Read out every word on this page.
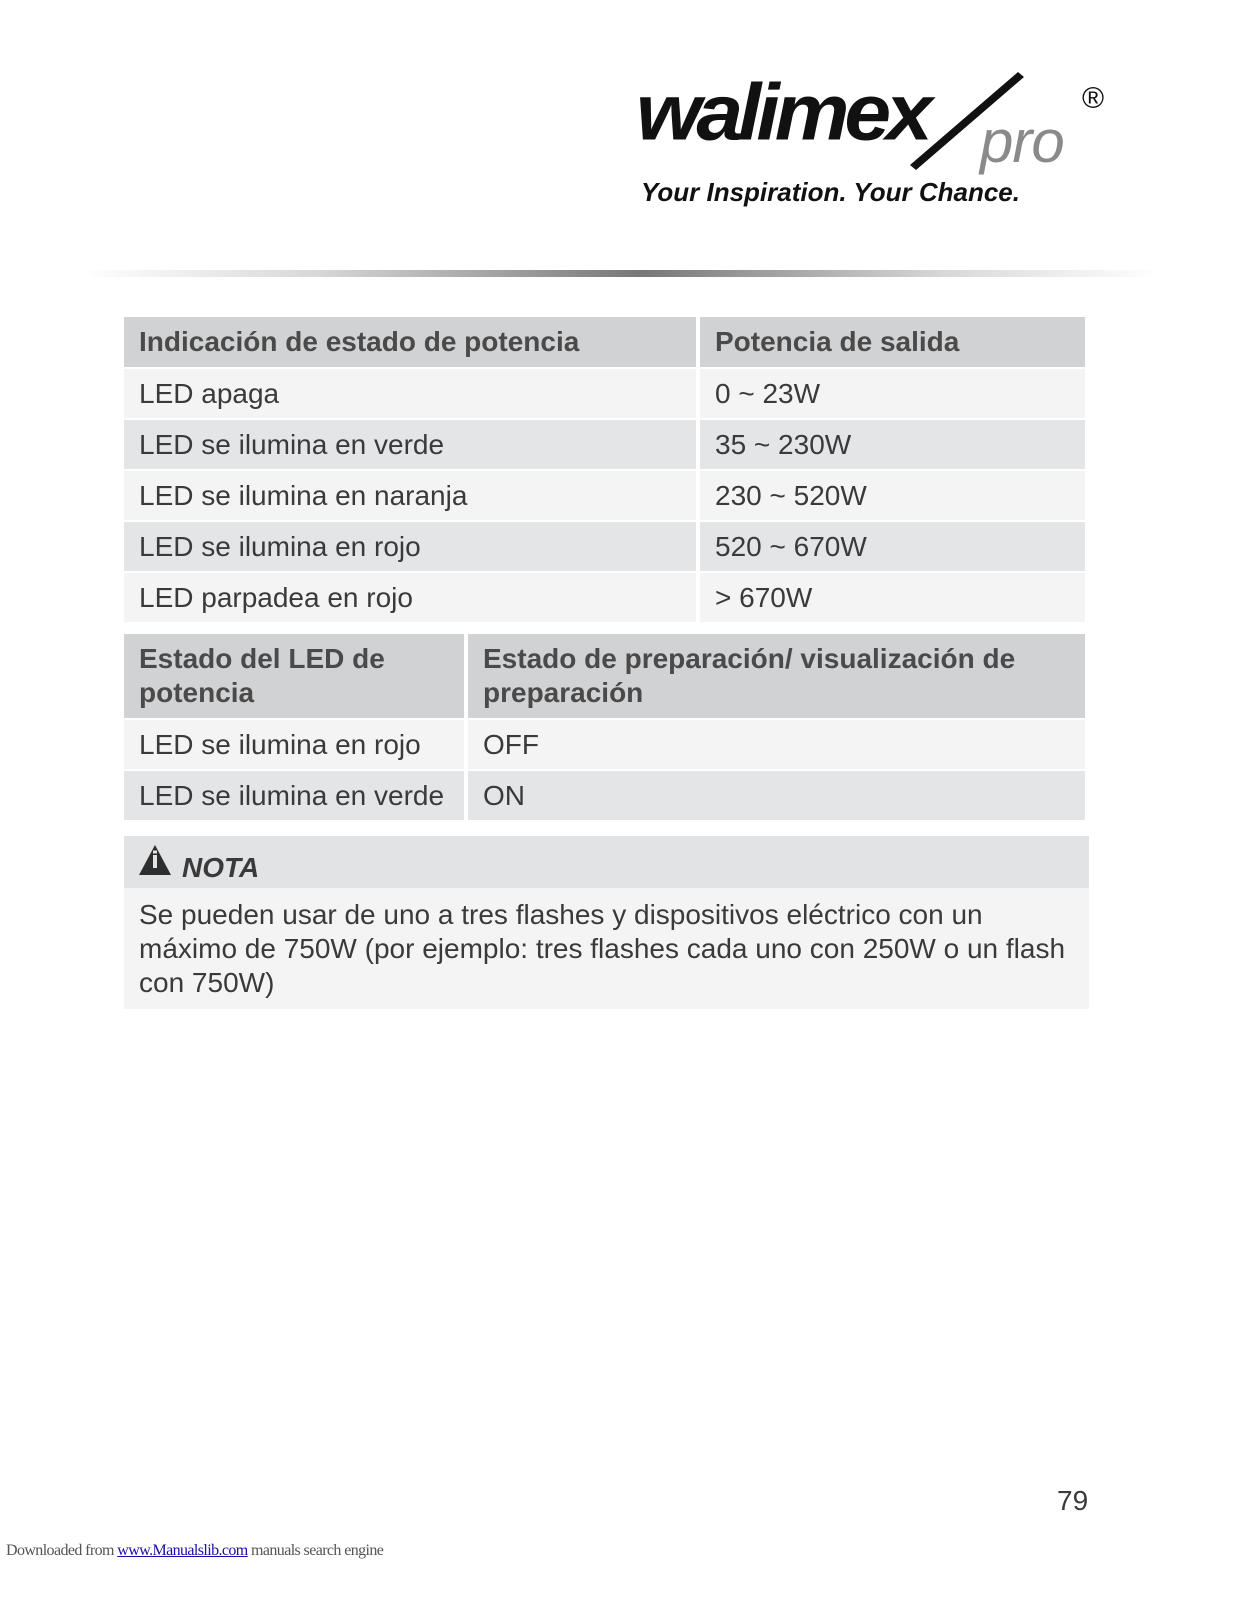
walimex pro
®
Your Inspiration. Your Chance.
Indicación de estado de potencia	Potencia de salida
LED apaga	0 ~ 23W
LED se ilumina en verde	35 ~ 230W
LED se ilumina en naranja	230 ~ 520W
LED se ilumina en rojo	520 ~ 670W
LED parpadea en rojo	> 670W
Estado del LED de potencia	Estado de preparación/ visualización de preparación
LED se ilumina en rojo	OFF
LED se ilumina en verde	ON
NOTA
Se pueden usar de uno a tres flashes y dispositivos eléctrico con un máximo de 750W (por ejemplo: tres flashes cada uno con 250W o un flash con 750W)
79
Downloaded from www.Manualslib.com manuals search engine
